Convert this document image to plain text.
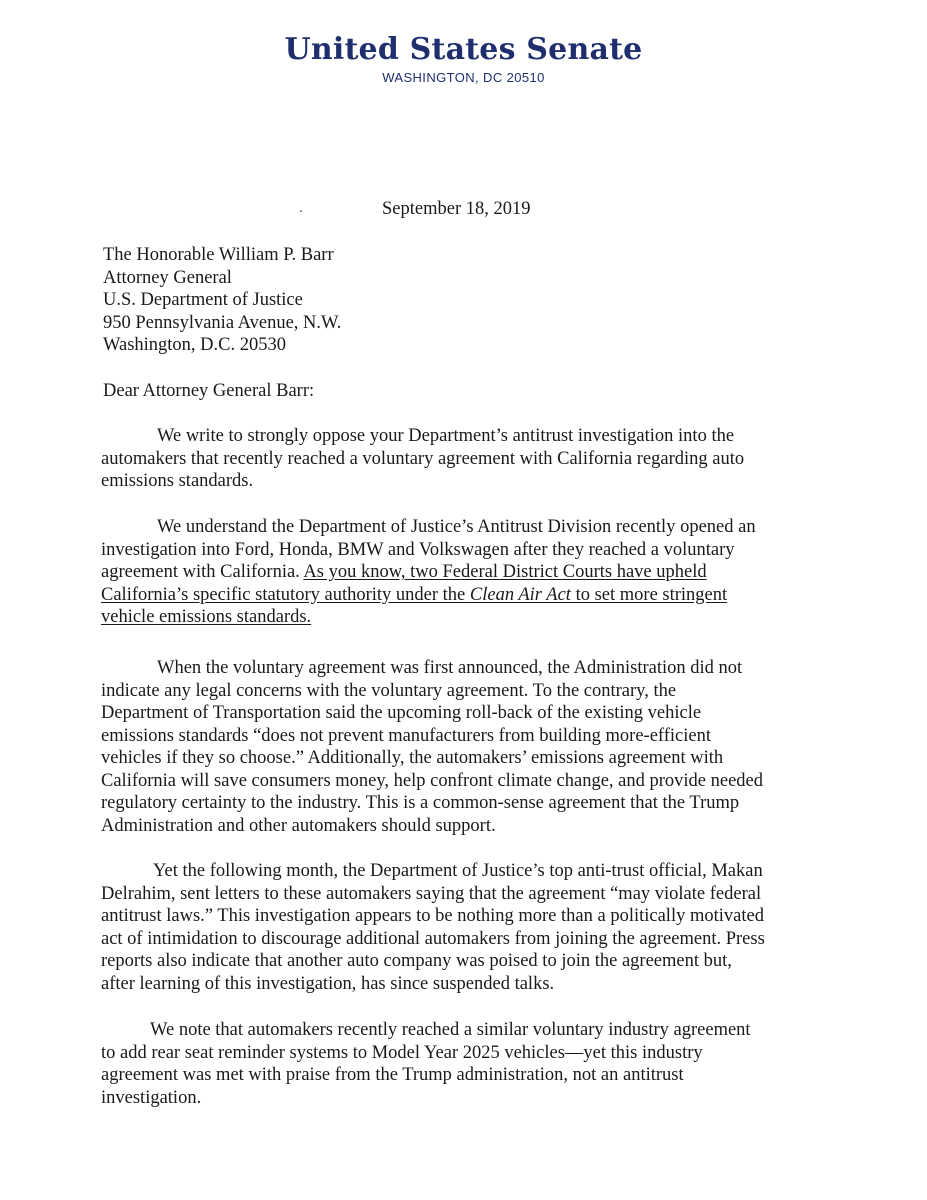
United States Senate
WASHINGTON, DC 20510
September 18, 2019
The Honorable William P. Barr
Attorney General
U.S. Department of Justice
950 Pennsylvania Avenue, N.W.
Washington, D.C. 20530
Dear Attorney General Barr:
We write to strongly oppose your Department’s antitrust investigation into the
automakers that recently reached a voluntary agreement with California regarding auto
emissions standards.
We understand the Department of Justice’s Antitrust Division recently opened an
investigation into Ford, Honda, BMW and Volkswagen after they reached a voluntary
agreement with California. As you know, two Federal District Courts have upheld
California’s specific statutory authority under the Clean Air Act to set more stringent
vehicle emissions standards.
When the voluntary agreement was first announced, the Administration did not
indicate any legal concerns with the voluntary agreement. To the contrary, the
Department of Transportation said the upcoming roll-back of the existing vehicle
emissions standards “does not prevent manufacturers from building more-efficient
vehicles if they so choose.” Additionally, the automakers’ emissions agreement with
California will save consumers money, help confront climate change, and provide needed
regulatory certainty to the industry. This is a common-sense agreement that the Trump
Administration and other automakers should support.
Yet the following month, the Department of Justice’s top anti-trust official, Makan
Delrahim, sent letters to these automakers saying that the agreement “may violate federal
antitrust laws.” This investigation appears to be nothing more than a politically motivated
act of intimidation to discourage additional automakers from joining the agreement. Press
reports also indicate that another auto company was poised to join the agreement but,
after learning of this investigation, has since suspended talks.
We note that automakers recently reached a similar voluntary industry agreement
to add rear seat reminder systems to Model Year 2025 vehicles—yet this industry
agreement was met with praise from the Trump administration, not an antitrust
investigation.
